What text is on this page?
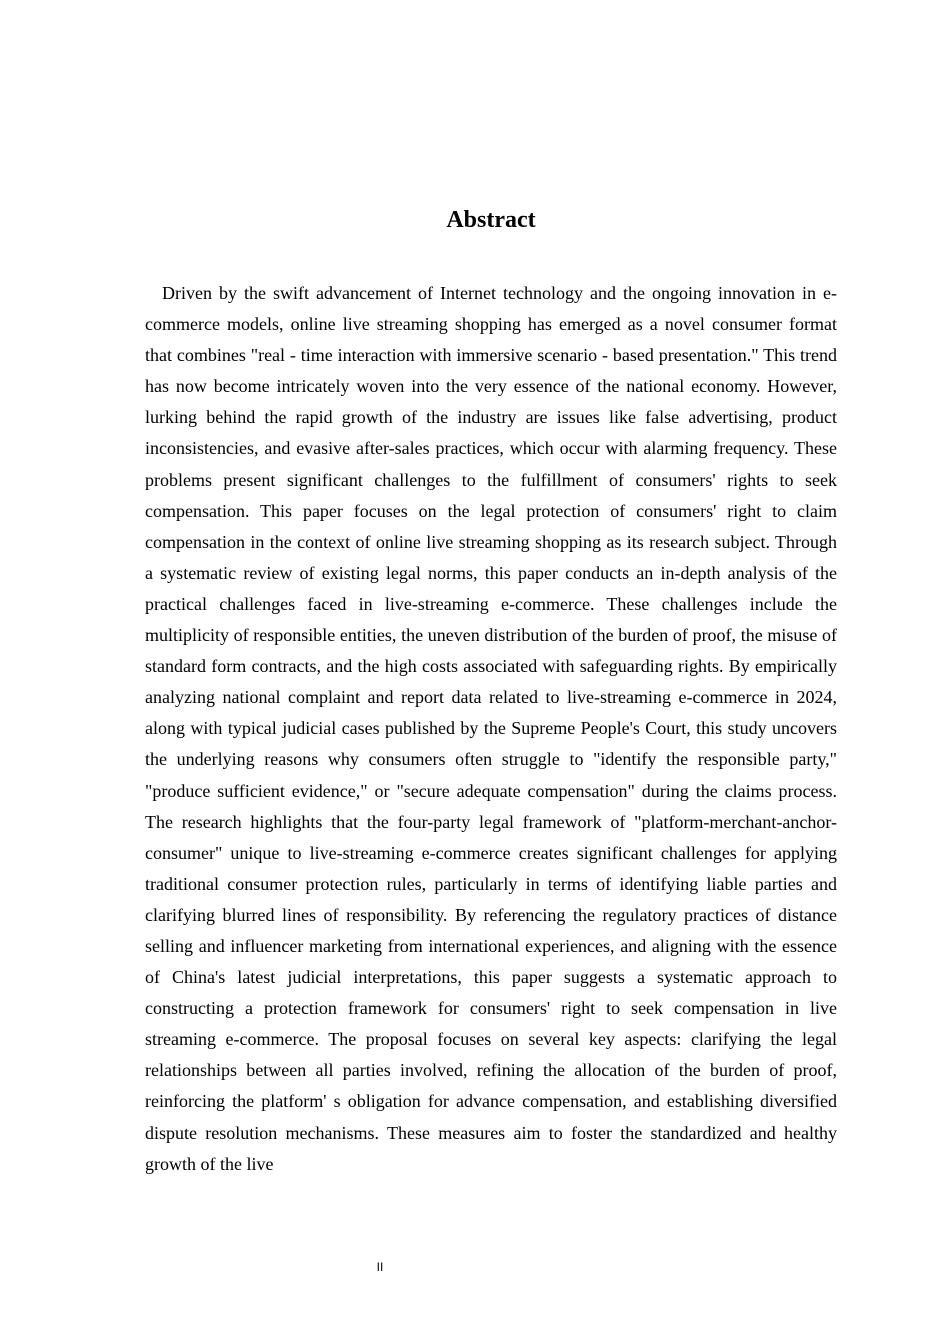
Abstract

Driven by the swift advancement of Internet technology and the ongoing innovation in e-commerce models, online live streaming shopping has emerged as a novel consumer format that combines "real - time interaction with immersive scenario - based presentation." This trend has now become intricately woven into the very essence of the national economy. However, lurking behind the rapid growth of the industry are issues like false advertising, product inconsistencies, and evasive after-sales practices, which occur with alarming frequency. These problems present significant challenges to the fulfillment of consumers' rights to seek compensation. This paper focuses on the legal protection of consumers' right to claim compensation in the context of online live streaming shopping as its research subject. Through a systematic review of existing legal norms, this paper conducts an in-depth analysis of the practical challenges faced in live-streaming e-commerce. These challenges include the multiplicity of responsible entities, the uneven distribution of the burden of proof, the misuse of standard form contracts, and the high costs associated with safeguarding rights. By empirically analyzing national complaint and report data related to live-streaming e-commerce in 2024, along with typical judicial cases published by the Supreme People's Court, this study uncovers the underlying reasons why consumers often struggle to "identify the responsible party," "produce sufficient evidence," or "secure adequate compensation" during the claims process. The research highlights that the four-party legal framework of "platform-merchant-anchor-consumer" unique to live-streaming e-commerce creates significant challenges for applying traditional consumer protection rules, particularly in terms of identifying liable parties and clarifying blurred lines of responsibility. By referencing the regulatory practices of distance selling and influencer marketing from international experiences, and aligning with the essence of China's latest judicial interpretations, this paper suggests a systematic approach to constructing a protection framework for consumers' right to seek compensation in live streaming e-commerce. The proposal focuses on several key aspects: clarifying the legal relationships between all parties involved, refining the allocation of the burden of proof, reinforcing the platform' s obligation for advance compensation, and establishing diversified dispute resolution mechanisms. These measures aim to foster the standardized and healthy growth of the live

II
